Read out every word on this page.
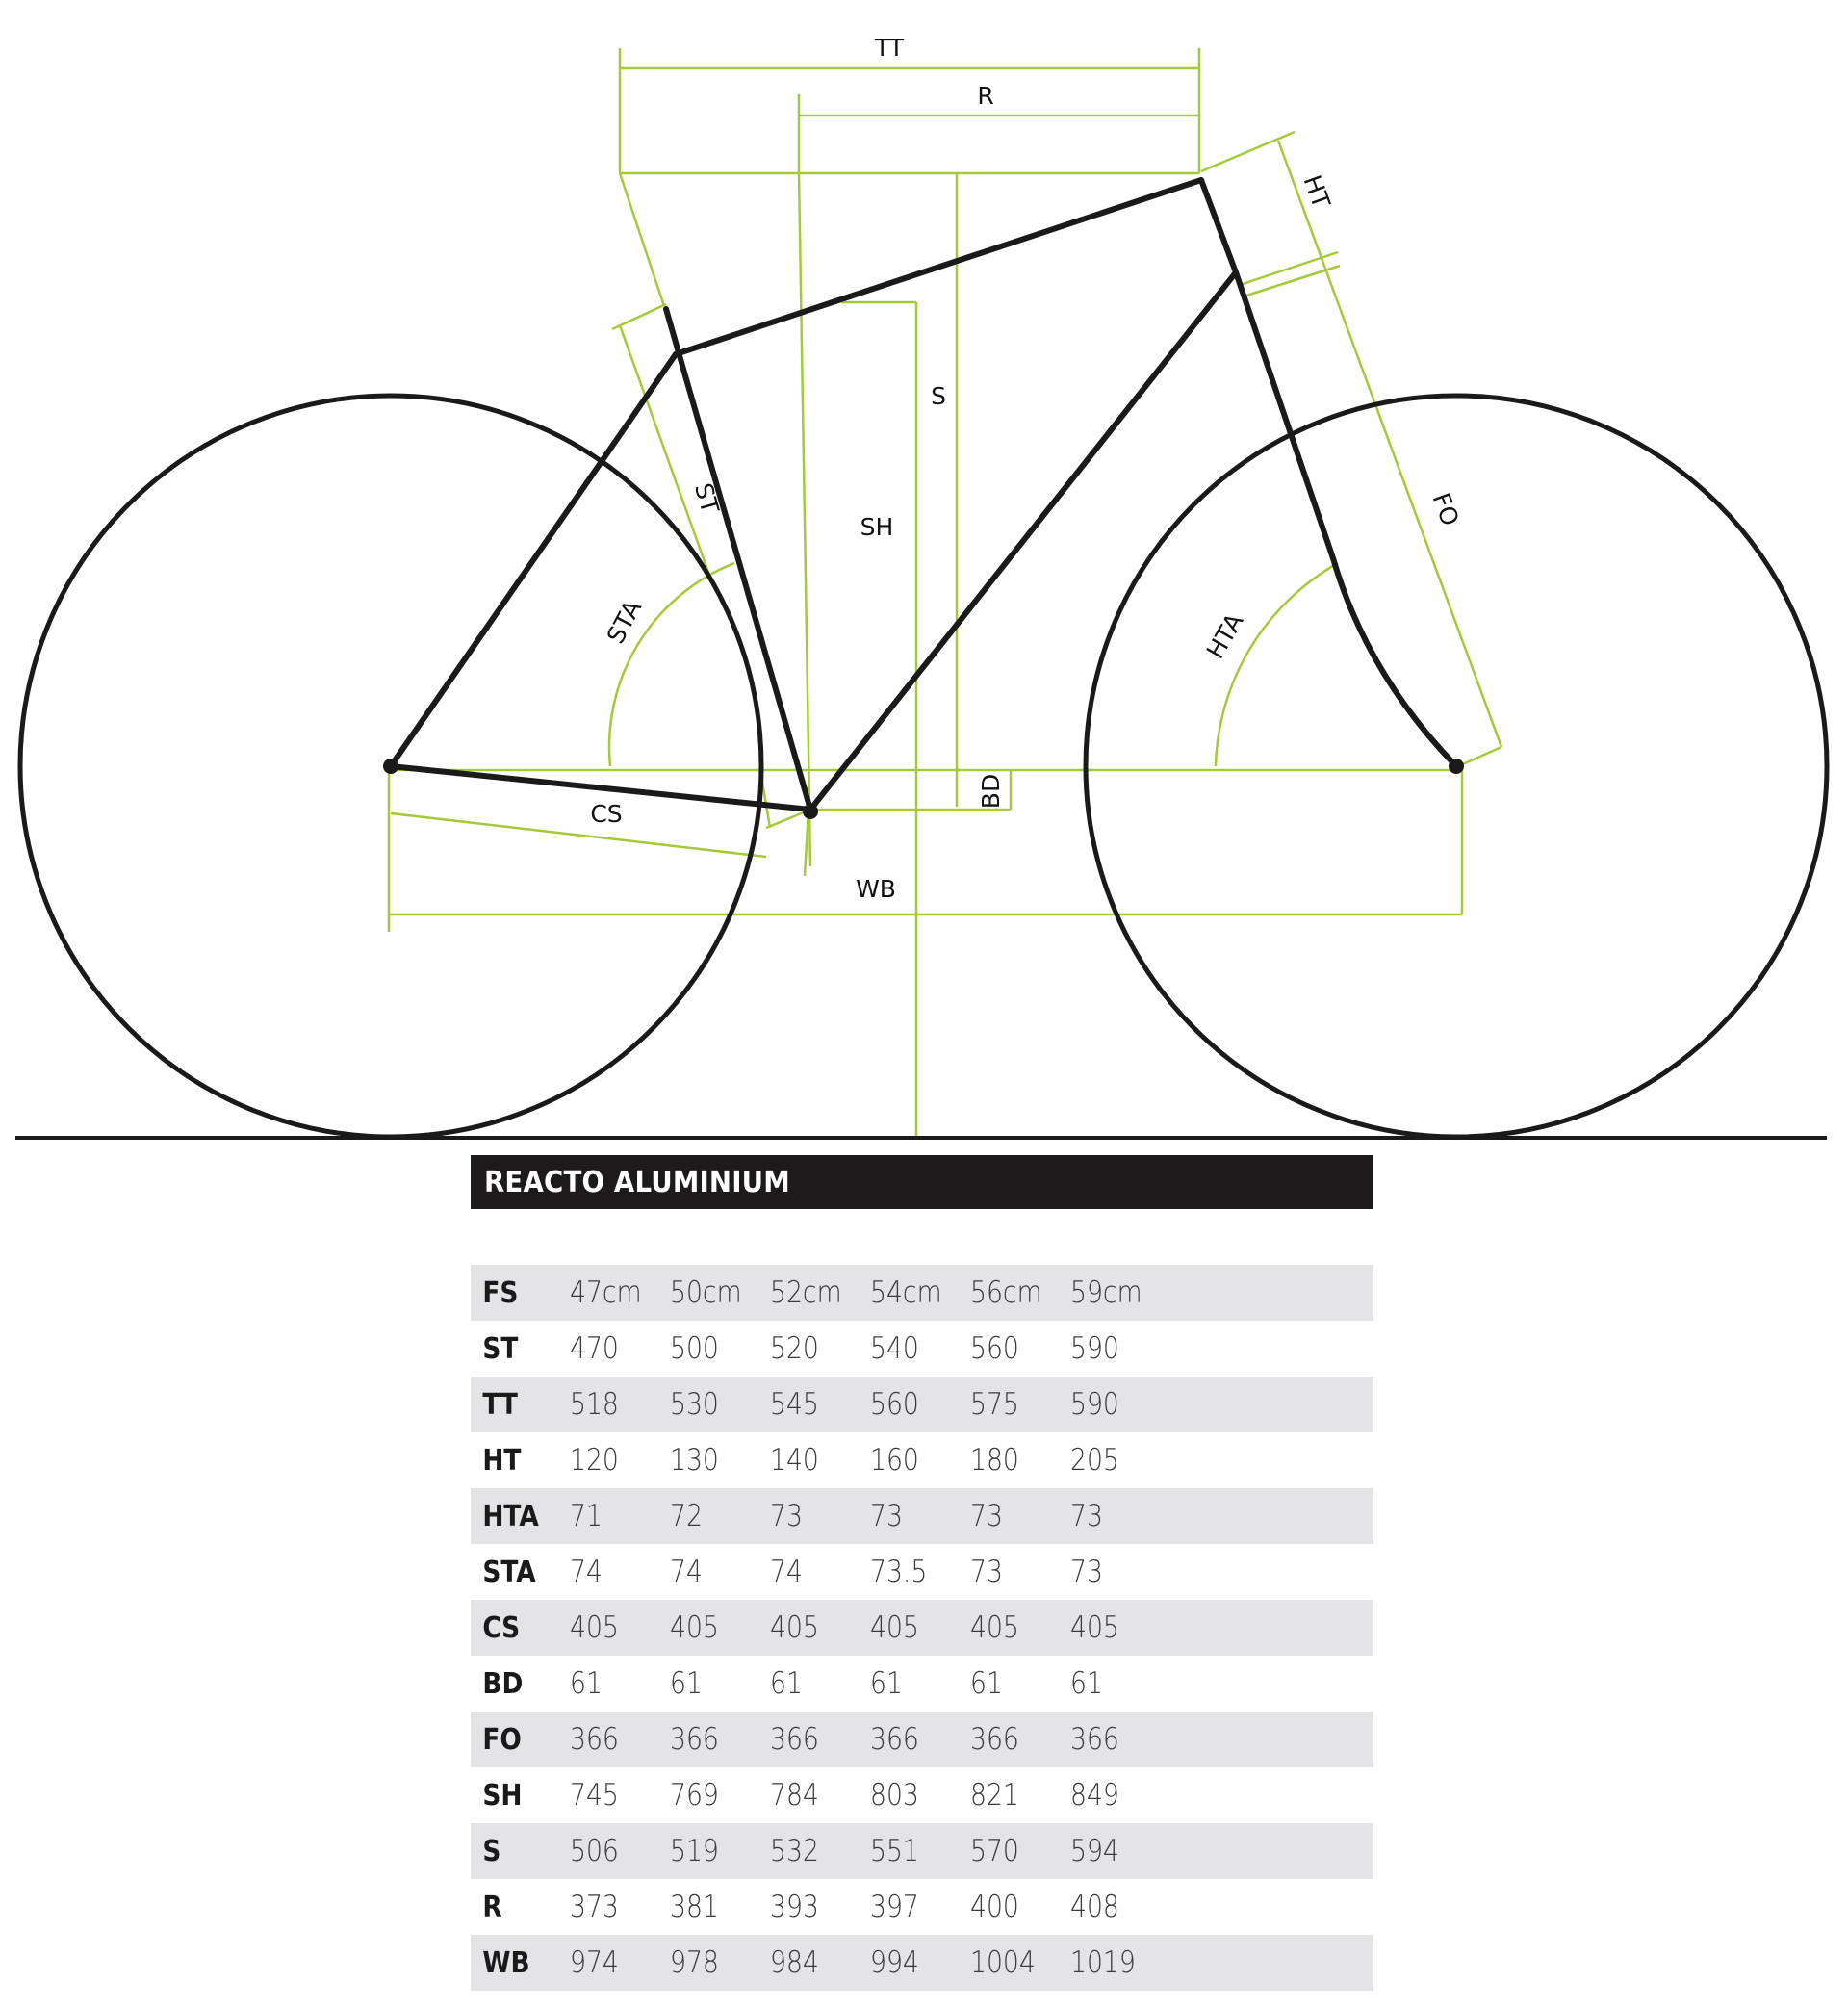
TT
R
HT
S
ST
SH
STA	HTA
FO
BD
CS
WB
REACTO ALUMINIUM
FS	47cm 50cm 52cm 54cm 56cm 59cm
ST	470	500	520	540	560	590
TT	518	530	545	560	575	590
HT	120	130	140	160	180	205
HTA	71	72	73	73	73	73
STA	74	74	74	73.5	73	73
CS	405	405	405	405	405	405
BD	61	61	61	61	61	61
FO	366	366	366	366	366	366
SH	745	769	784	803	821	849
S	506	519	532	551	570	594
R	373	381	393	397	400	408
WB	974	978	984	994	1004	1019
